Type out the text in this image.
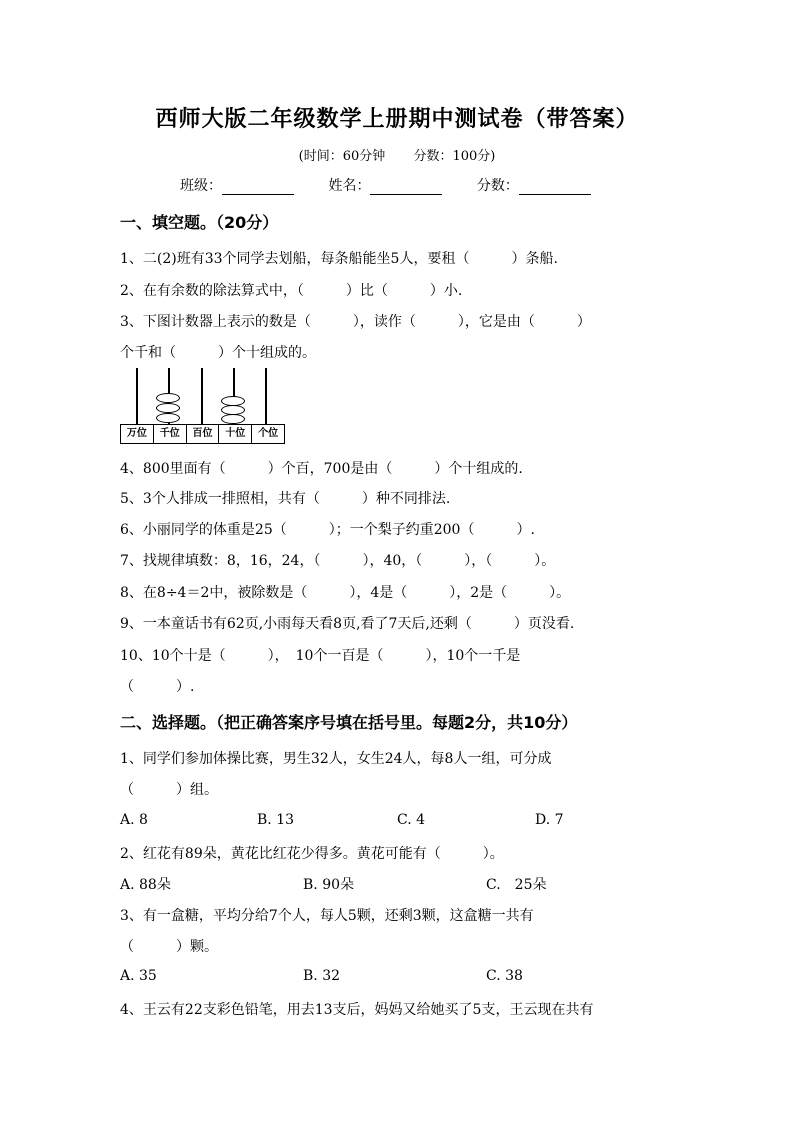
西师大版二年级数学上册期中测试卷（带答案）
(时间：60分钟 分数：100分)
班级：	姓名：	分数：
一、填空题。（20分）
1、二(2)班有33个同学去划船，每条船能坐5人，要租（　　　）条船.
2、在有余数的除法算式中，（　　　）比（　　　）小.
3、下图计数器上表示的数是（　　　），读作（　　　），它是由（　　　）
个千和（　　　）个十组成的。
万位	千位	百位	十位	个位
4、800里面有（　　　）个百，700是由（　　　）个十组成的.
5、3个人排成一排照相，共有（　　　）种不同排法.
6、小丽同学的体重是25（　　　）；一个梨子约重200（　　　）.
7、找规律填数：8，16，24，（　　　），40，（　　　），（　　　）。
8、在8÷4＝2中，被除数是（　　　），4是（　　　），2是（　　　）。
9、一本童话书有62页,小雨每天看8页,看了7天后,还剩（　　　）页没看.
10、10个十是（　　　），　10个一百是（　　　），10个一千是
（　　　）.
二、选择题。（把正确答案序号填在括号里。每题2分，共10分）
1、同学们参加体操比赛，男生32人，女生24人，每8人一组，可分成
（　　　）组。
A. 8	B. 13	C. 4	D. 7
2、红花有89朵，黄花比红花少得多。黄花可能有（　　　）。
A. 88朵	B. 90朵	C.　25朵
3、有一盒糖，平均分给7个人，每人5颗，还剩3颗，这盒糖一共有
（　　　）颗。
A. 35	B. 32	C. 38
4、王云有22支彩色铅笔，用去13支后，妈妈又给她买了5支，王云现在共有
